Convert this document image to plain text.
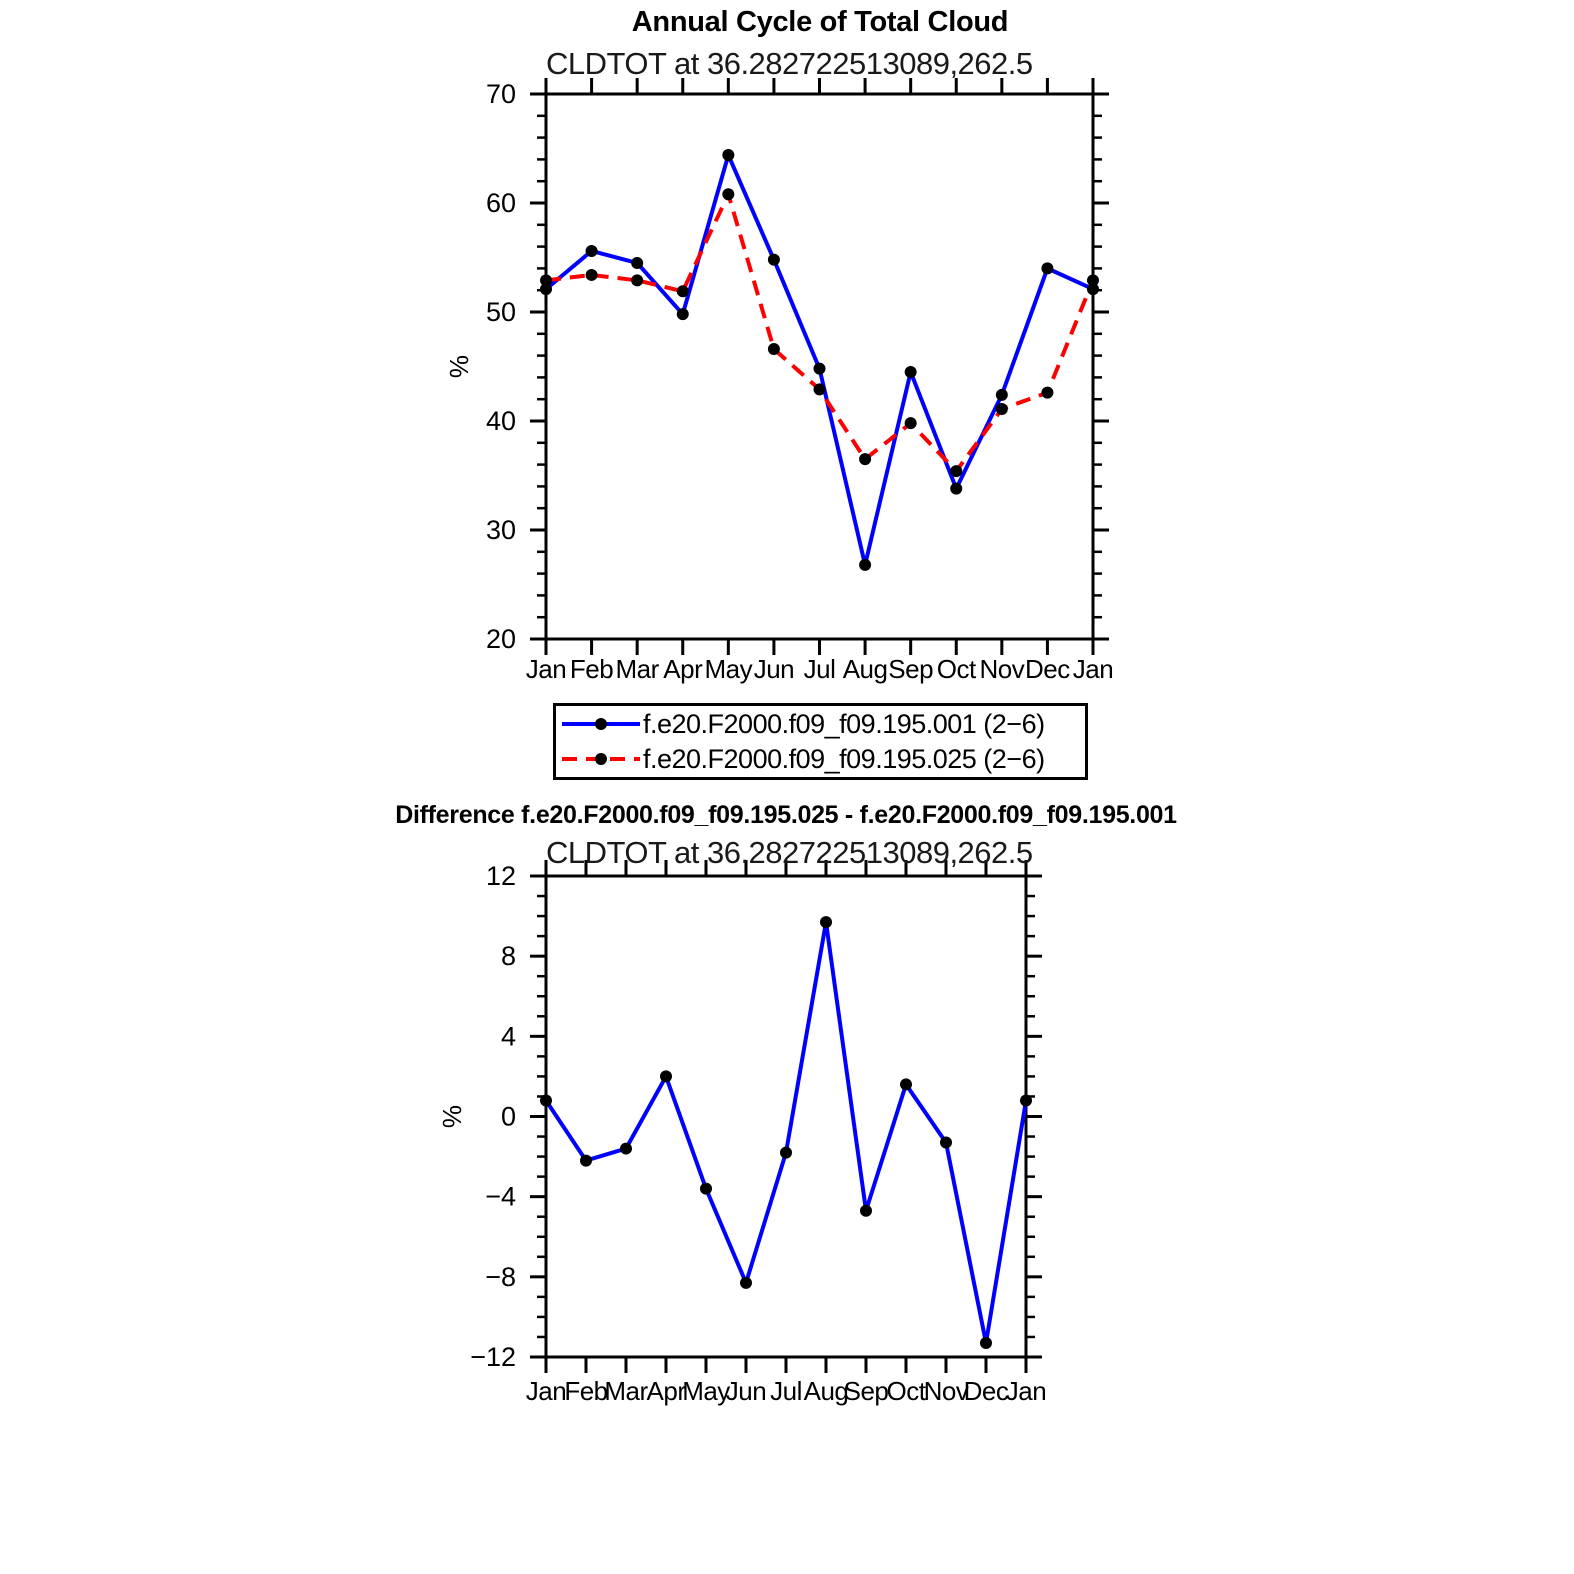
20
30
40
50
60
70
Jan Feb Mar Apr May Jun Jul Aug Sep Oct Nov Dec Jan
%
−12
−8
−4
0
4
8
12
Jan
Feb
Mar
Apr
May
Jun Jul Aug
Sep
Oct
Nov
Dec
Jan
%
Annual Cycle of Total Cloud
CLDTOT at 36.282722513089,262.5
f.e20.F2000.f09_f09.195.001 (2−6)
f.e20.F2000.f09_f09.195.025 (2−6)
Difference f.e20.F2000.f09_f09.195.025 - f.e20.F2000.f09_f09.195.001
CLDTOT at 36.282722513089,262.5
